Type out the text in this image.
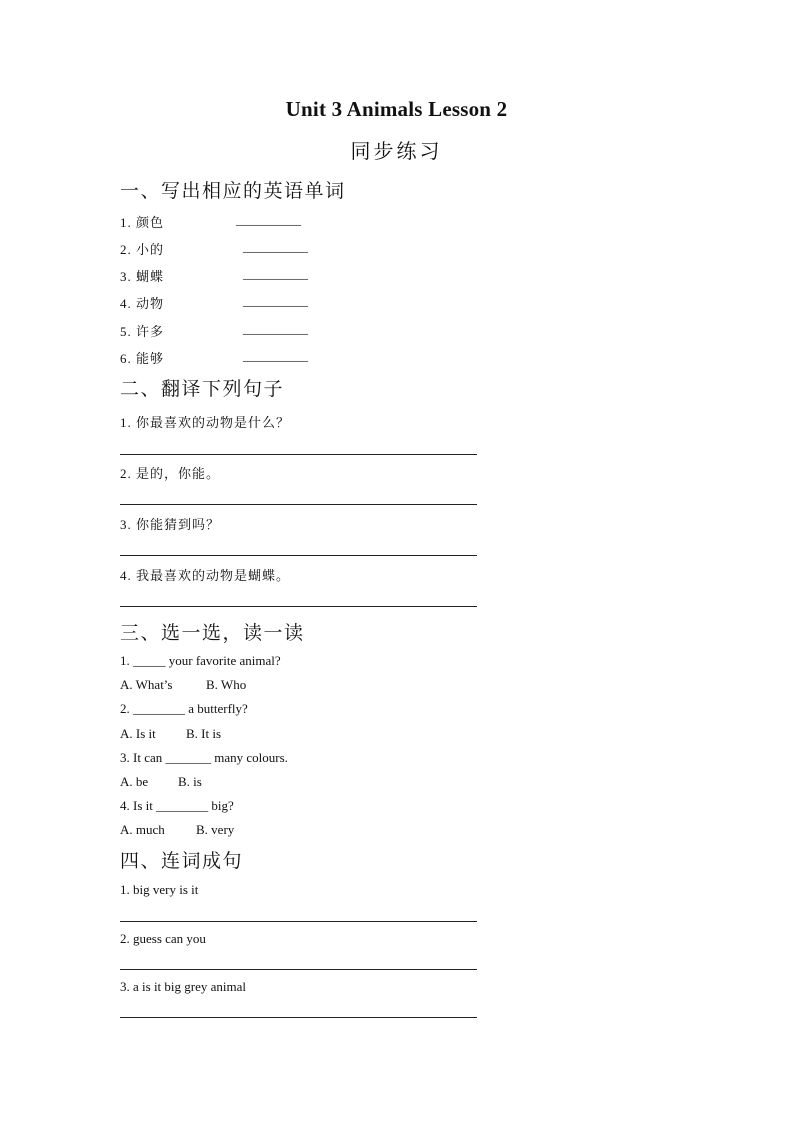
Unit 3 Animals Lesson 2
同步练习
一、写出相应的英语单词
1. 颜色	__________
2. 小的	__________
3. 蝴蝶	__________
4. 动物	__________
5. 许多	__________
6. 能够	__________
二、翻译下列句子
1. 你最喜欢的动物是什么？
2. 是的，你能。
3. 你能猜到吗？
4. 我最喜欢的动物是蝴蝶。
三、选一选，读一读
1. _____ your favorite animal?
A. What’s	B. Who
2. ________ a butterfly?
A. Is it B. It is
3. It can _______ many colours.
A. be B. is
4. Is it ________ big?
A. much B. very
四、连词成句
1. big very is it
2. guess can you
3. a is it big grey animal
